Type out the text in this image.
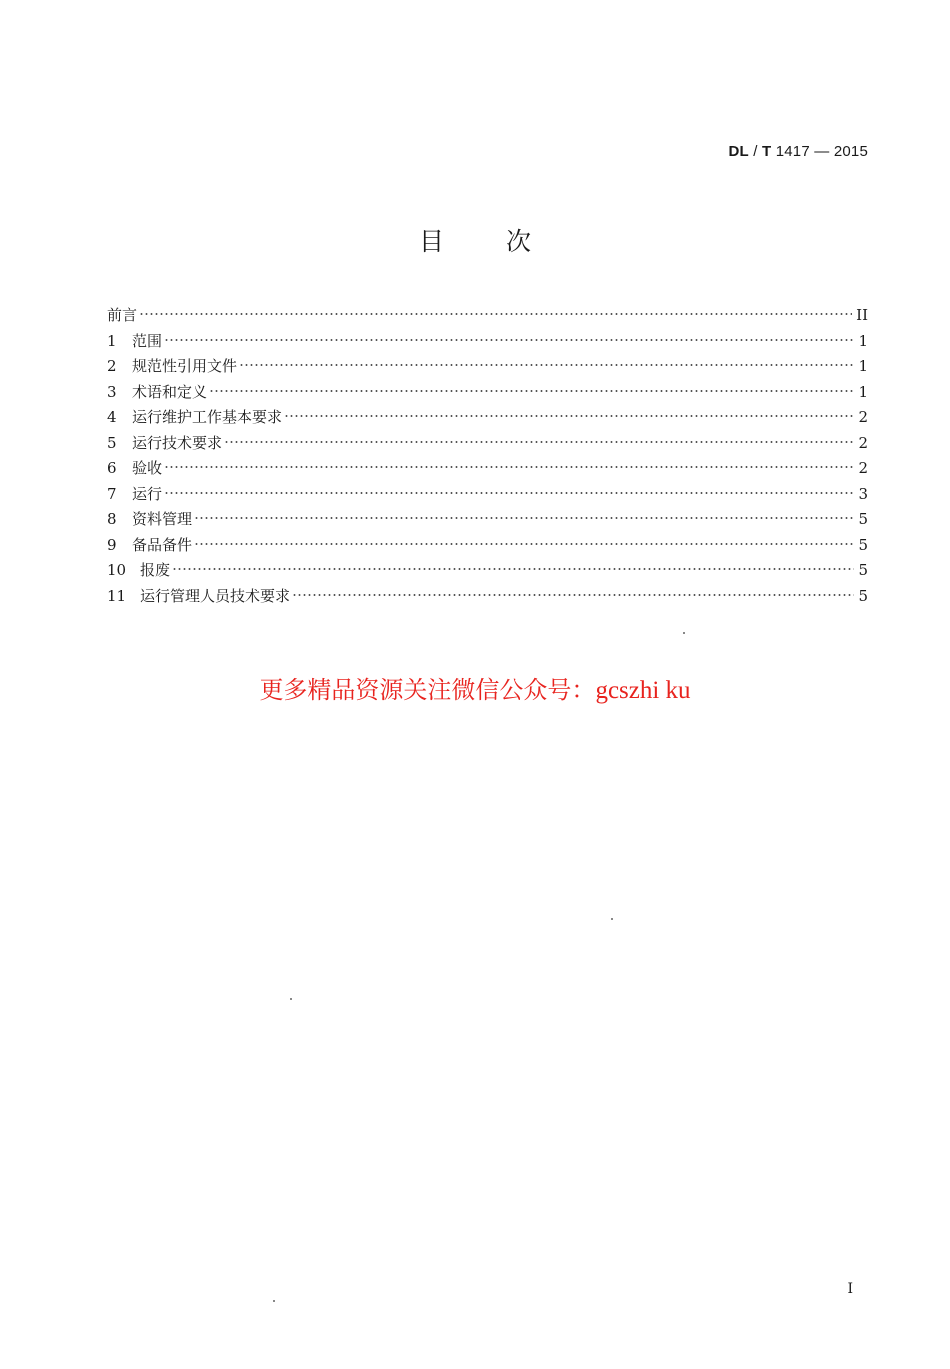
DL / T 1417 — 2015
目次
前言	II
1	范围	1
2	规范性引用文件	1
3	术语和定义	1
4	运行维护工作基本要求	2
5	运行技术要求	2
6	验收	2
7	运行	3
8	资料管理	5
9	备品备件	5
10 报废	5
11 运行管理人员技术要求	5
更多精品资源关注微信公众号：gcszhi ku
I
